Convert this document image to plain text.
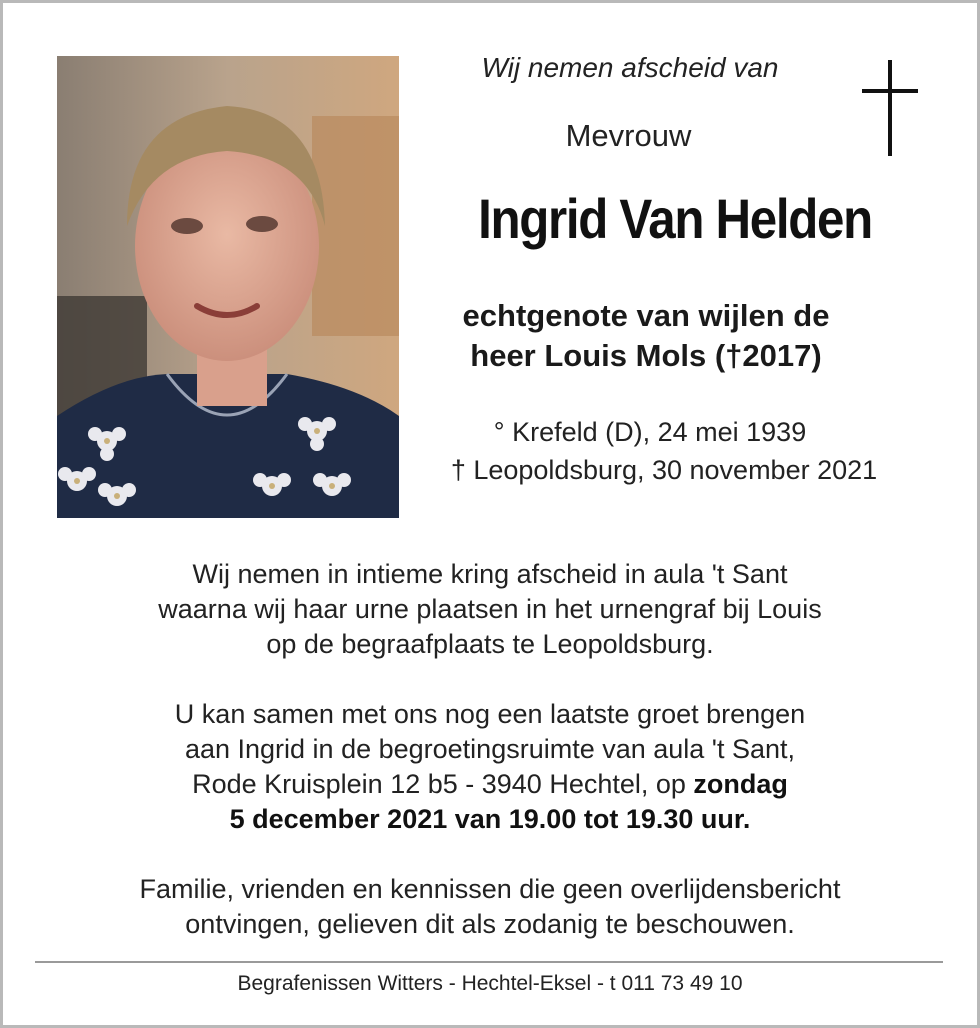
Wij nemen afscheid van
Mevrouw
Ingrid Van Helden
echtgenote van wijlen de
heer Louis Mols (†2017)
° Krefeld (D), 24 mei 1939
† Leopoldsburg, 30 november 2021
Wij nemen in intieme kring afscheid in aula 't Sant
waarna wij haar urne plaatsen in het urnengraf bij Louis
op de begraafplaats te Leopoldsburg.
U kan samen met ons nog een laatste groet brengen
aan Ingrid in de begroetingsruimte van aula 't Sant,
Rode Kruisplein 12 b5 - 3940 Hechtel, op zondag
5 december 2021 van 19.00 tot 19.30 uur.
Familie, vrienden en kennissen die geen overlijdensbericht
ontvingen, gelieven dit als zodanig te beschouwen.
Begrafenissen Witters - Hechtel-Eksel - t 011 73 49 10
